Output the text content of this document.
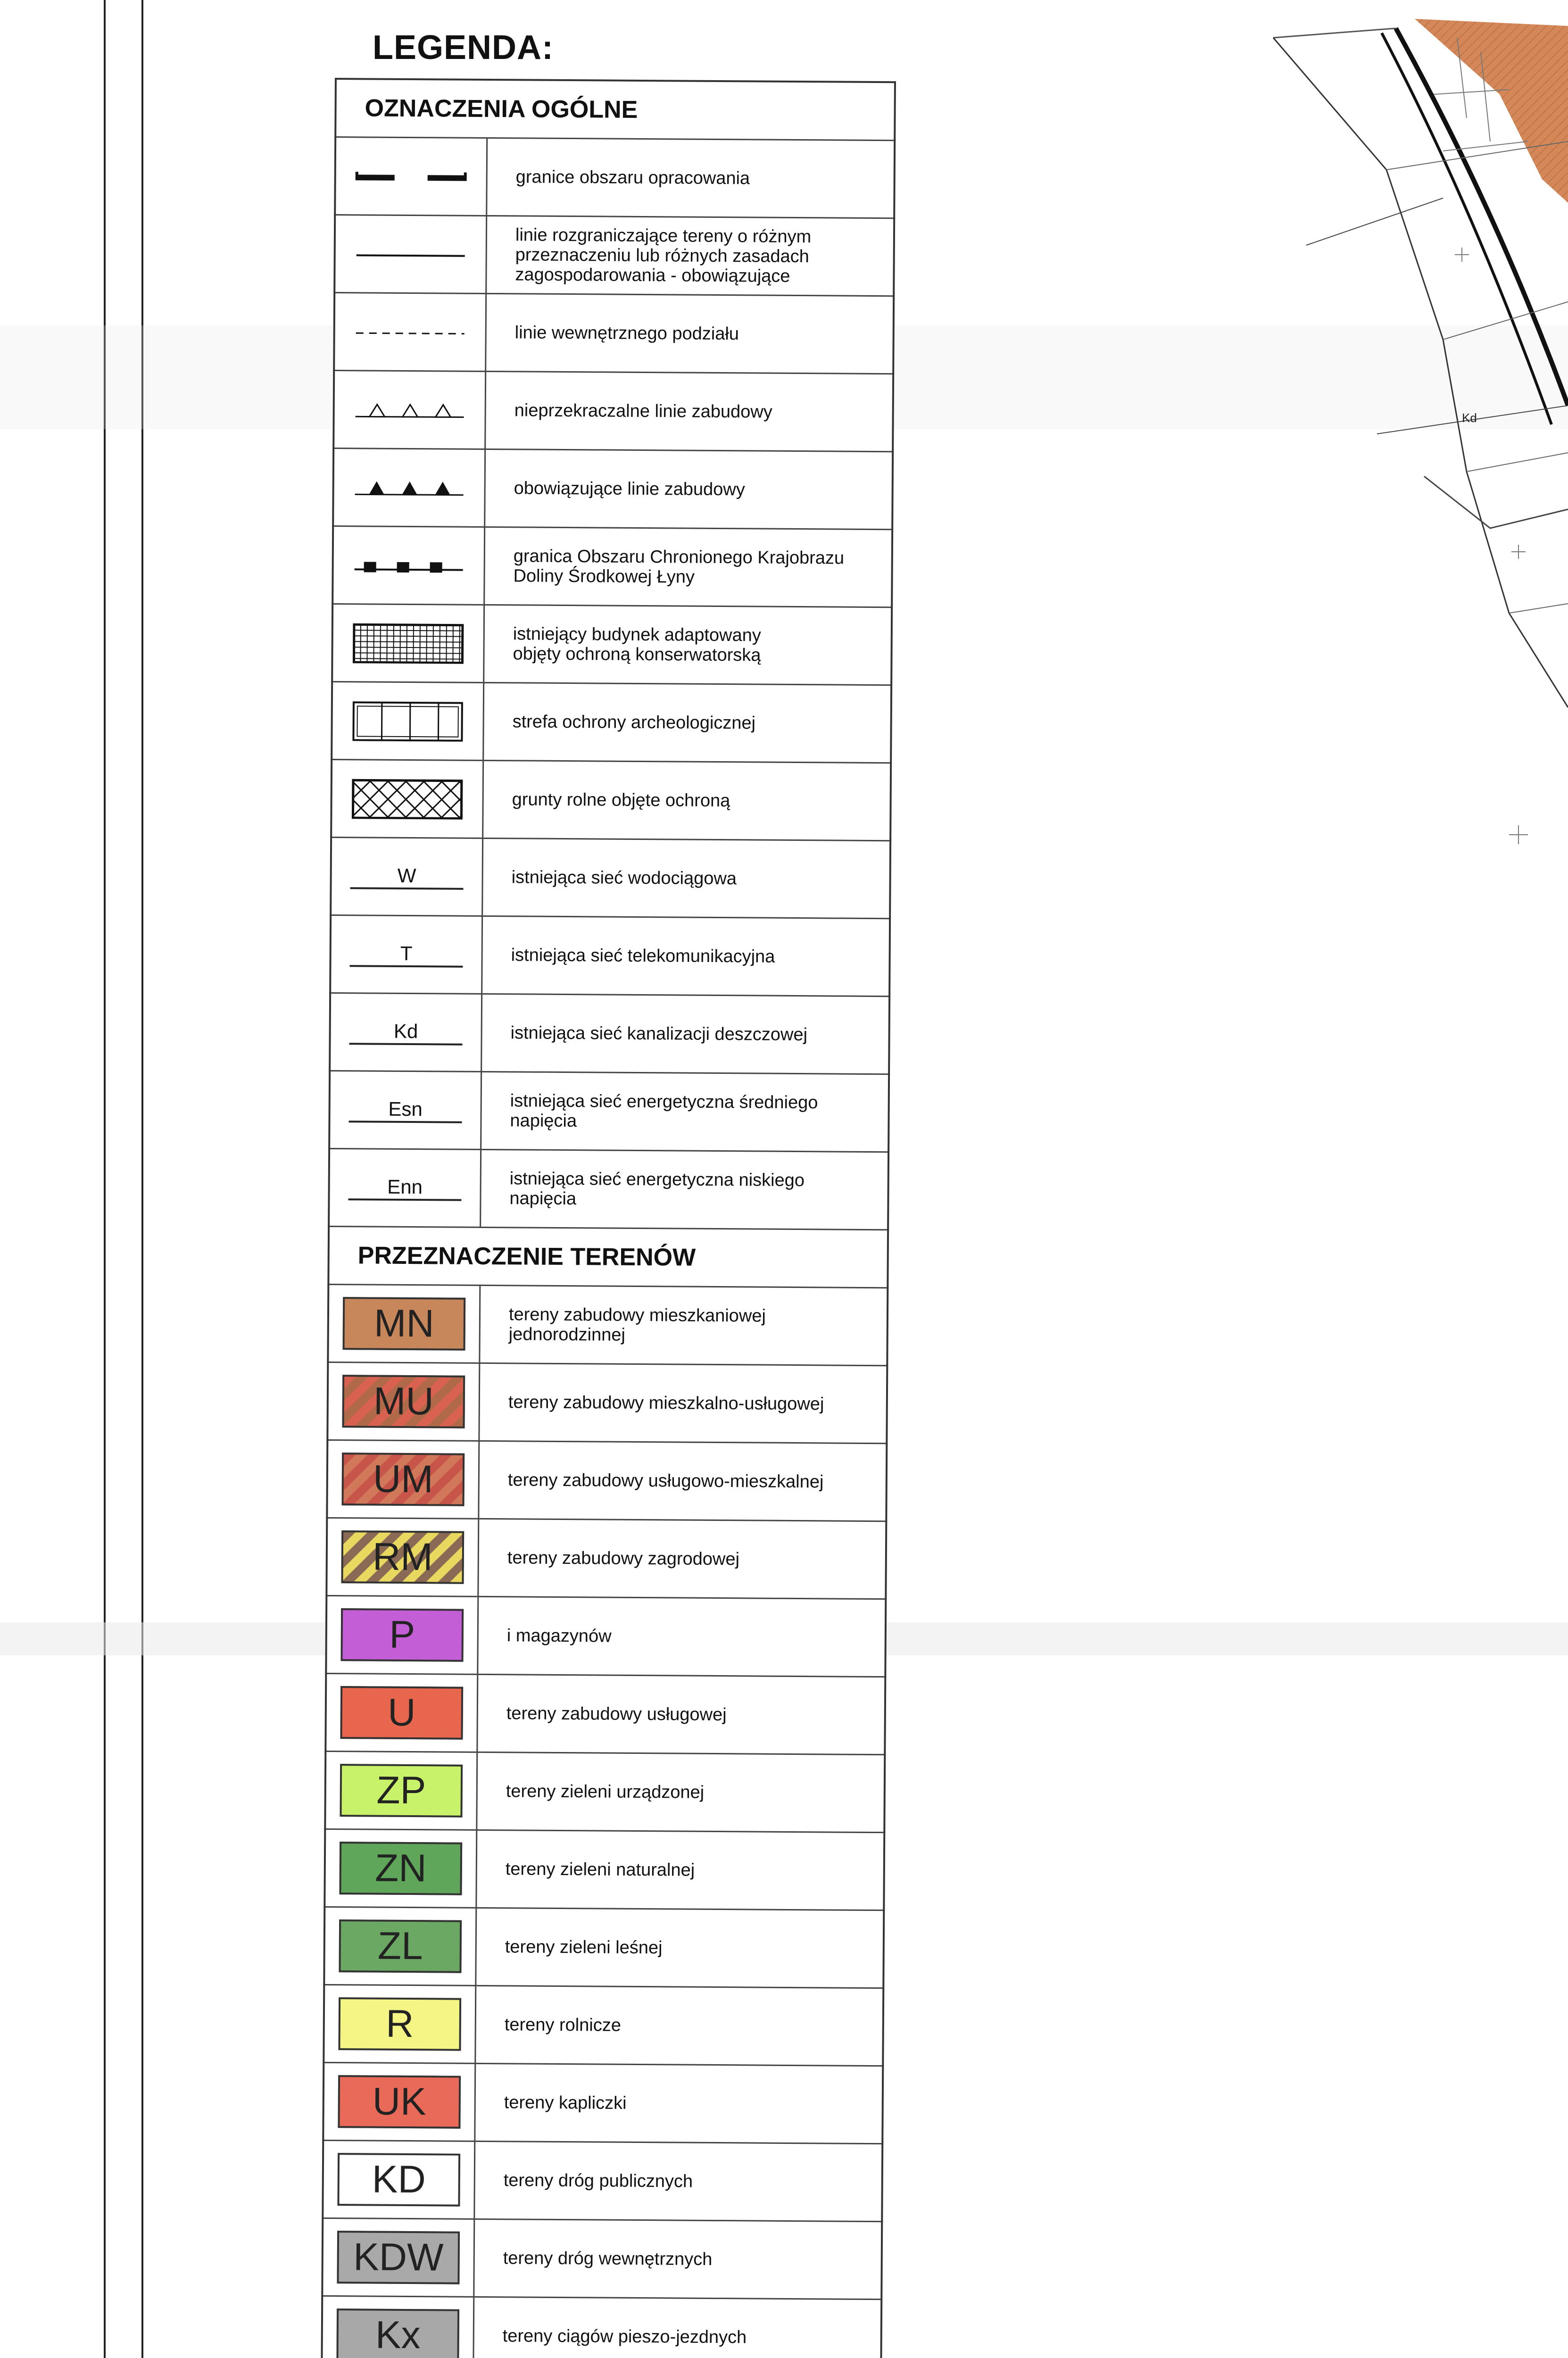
LEGENDA:
OZNACZENIA OGÓLNE	

granice obszaru opracowania

linie rozgraniczające tereny o różnym
przeznaczeniu lub różnych zasadach
zagospodarowania - obowiązujące

linie wewnętrznego podziału

nieprzekraczalne linie zabudowy

obowiązujące linie zabudowy

granica Obszaru Chronionego Krajobrazu
Doliny Środkowej Łyny

istniejący budynek adaptowany
objęty ochroną konserwatorską

strefa ochrony archeologicznej

grunty rolne objęte ochroną

W	istniejąca sieć wodociągowa

T	istniejąca sieć telekomunikacyjna

Kd	istniejąca sieć kanalizacji deszczowej

Esn	istniejąca sieć energetyczna średniego
napięcia

Enn	istniejąca sieć energetyczna niskiego
napięcia

PRZEZNACZENIE TERENÓW	
MN	tereny zabudowy mieszkaniowej
jednorodzinnej

MU	tereny zabudowy mieszkalno-usługowej

UM	tereny zabudowy usługowo-mieszkalnej

RM	tereny zabudowy zagrodowej

P	i magazynów

U	tereny zabudowy usługowej

ZP	tereny zieleni urządzonej

ZN	tereny zieleni naturalnej

ZL	tereny zieleni leśnej

R	tereny rolnicze

UK	tereny kapliczki

KD	tereny dróg publicznych

KDW	tereny dróg wewnętrznych

Kx	tereny ciągów pieszo-jezdnych

Kd
